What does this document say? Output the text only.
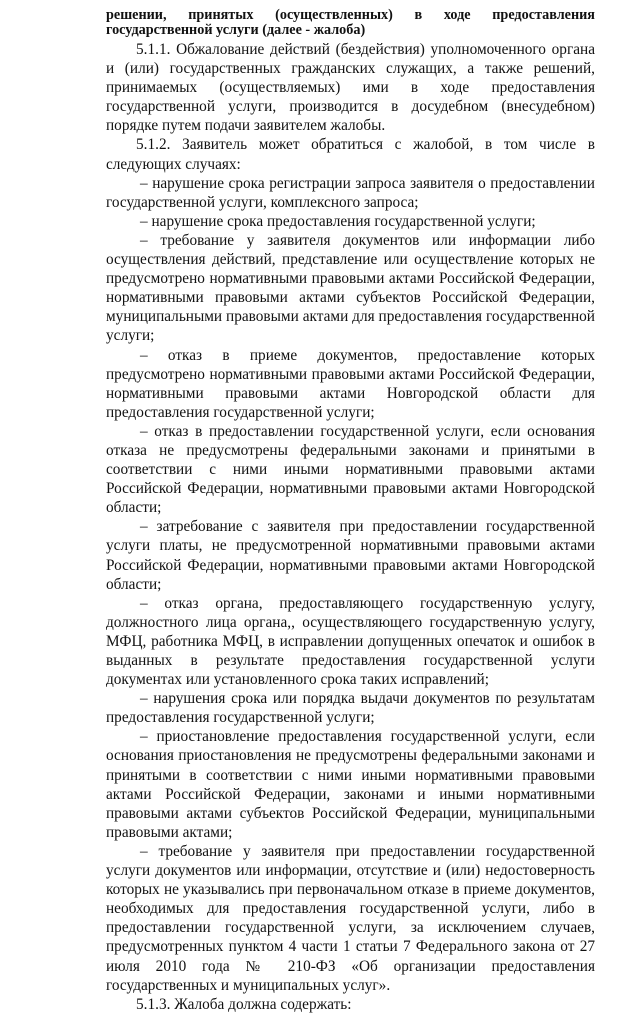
решении, принятых (осуществленных) в ходе предоставления государственной услуги (далее - жалоба)

5.1.1. Обжалование действий (бездействия) уполномоченного органа и (или) государственных гражданских служащих, а также решений, принимаемых (осуществляемых) ими в ходе предоставления государственной услуги, производится в досудебном (внесудебном) порядке путем подачи заявителем жалобы.

5.1.2. Заявитель может обратиться с жалобой, в том числе в следующих случаях:

– нарушение срока регистрации запроса заявителя о предоставлении государственной услуги, комплексного запроса;

– нарушение срока предоставления государственной услуги;

– требование у заявителя документов или информации либо осуществления действий, представление или осуществление которых не предусмотрено нормативными правовыми актами Российской Федерации, нормативными правовыми актами субъектов Российской Федерации, муниципальными правовыми актами для предоставления государственной услуги;

– отказ в приеме документов, предоставление которых предусмотрено нормативными правовыми актами Российской Федерации, нормативными правовыми актами Новгородской области для предоставления государственной услуги;

– отказ в предоставлении государственной услуги, если основания отказа не предусмотрены федеральными законами и принятыми в соответствии с ними иными нормативными правовыми актами Российской Федерации, нормативными правовыми актами Новгородской области;

– затребование с заявителя при предоставлении государственной услуги платы, не предусмотренной нормативными правовыми актами Российской Федерации, нормативными правовыми актами Новгородской области;

– отказ органа, предоставляющего государственную услугу, должностного лица органа,, осуществляющего государственную услугу, МФЦ, работника МФЦ, в исправлении допущенных опечаток и ошибок в выданных в результате предоставления государственной услуги документах или установленного срока таких исправлений;

– нарушения срока или порядка выдачи документов по результатам предоставления государственной услуги;

– приостановление предоставления государственной услуги, если основания приостановления не предусмотрены федеральными законами и принятыми в соответствии с ними иными нормативными правовыми актами Российской Федерации, законами и иными нормативными правовыми актами субъектов Российской Федерации, муниципальными правовыми актами;

– требование у заявителя при предоставлении государственной услуги документов или информации, отсутствие и (или) недостоверность которых не указывались при первоначальном отказе в приеме документов, необходимых для предоставления государственной услуги, либо в предоставлении государственной услуги, за исключением случаев, предусмотренных пунктом 4 части 1 статьи 7 Федерального закона от 27 июля 2010 года № 210-ФЗ «Об организации предоставления государственных и муниципальных услуг».

5.1.3. Жалоба должна содержать:
